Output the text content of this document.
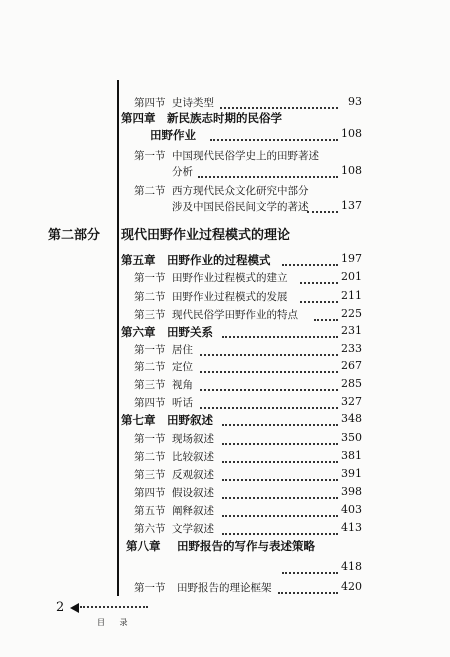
第四节 史诗类型	93
第四章 新民族志时期的民俗学
田野作业	108
第一节 中国现代民俗学史上的田野著述
分析	108
第二节 西方现代民众文化研究中部分
涉及中国民俗民间文学的著述	137
第二部分 现代田野作业过程模式的理论
第五章 田野作业的过程模式	197
第一节 田野作业过程模式的建立	201
第二节 田野作业过程模式的发展	211
第三节 现代民俗学田野作业的特点	225
第六章 田野关系	231
第一节 居住	233
第二节 定位	267
第三节 视角	285
第四节 听话	327
第七章 田野叙述	348
第一节 现场叙述	350
第二节 比较叙述	381
第三节 反观叙述	391
第四节 假设叙述	398
第五节 阐释叙述	403
第六节 文学叙述	413
第八章 田野报告的写作与表述策略
418
第一节 田野报告的理论框架	420
2
目 录
